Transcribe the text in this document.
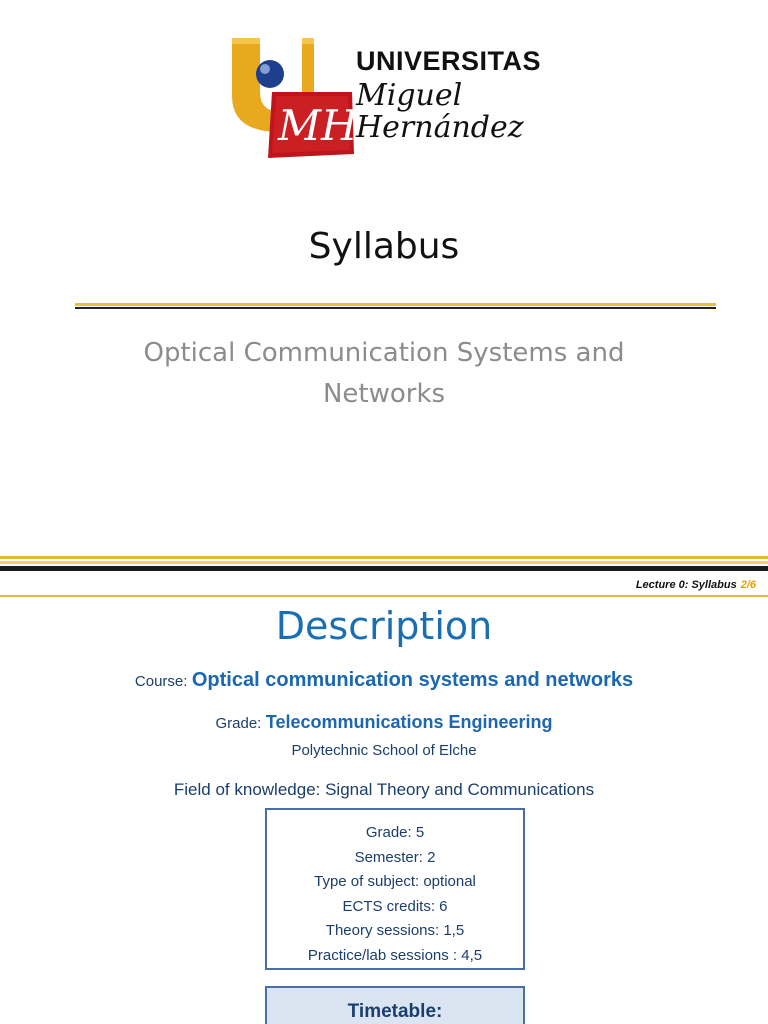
MH
UNIVERSITAS
Miguel
Hernández
Syllabus
Optical Communication Systems and Networks
Lecture 0: Syllabus 2/6
Description
Course: Optical communication systems and networks
Grade: Telecommunications Engineering
Polytechnic School of Elche
Field of knowledge: Signal Theory and Communications
Grade: 5
Semester: 2
Type of subject: optional
ECTS credits: 6
Theory sessions: 1,5
Practice/lab sessions : 4,5
Timetable:
